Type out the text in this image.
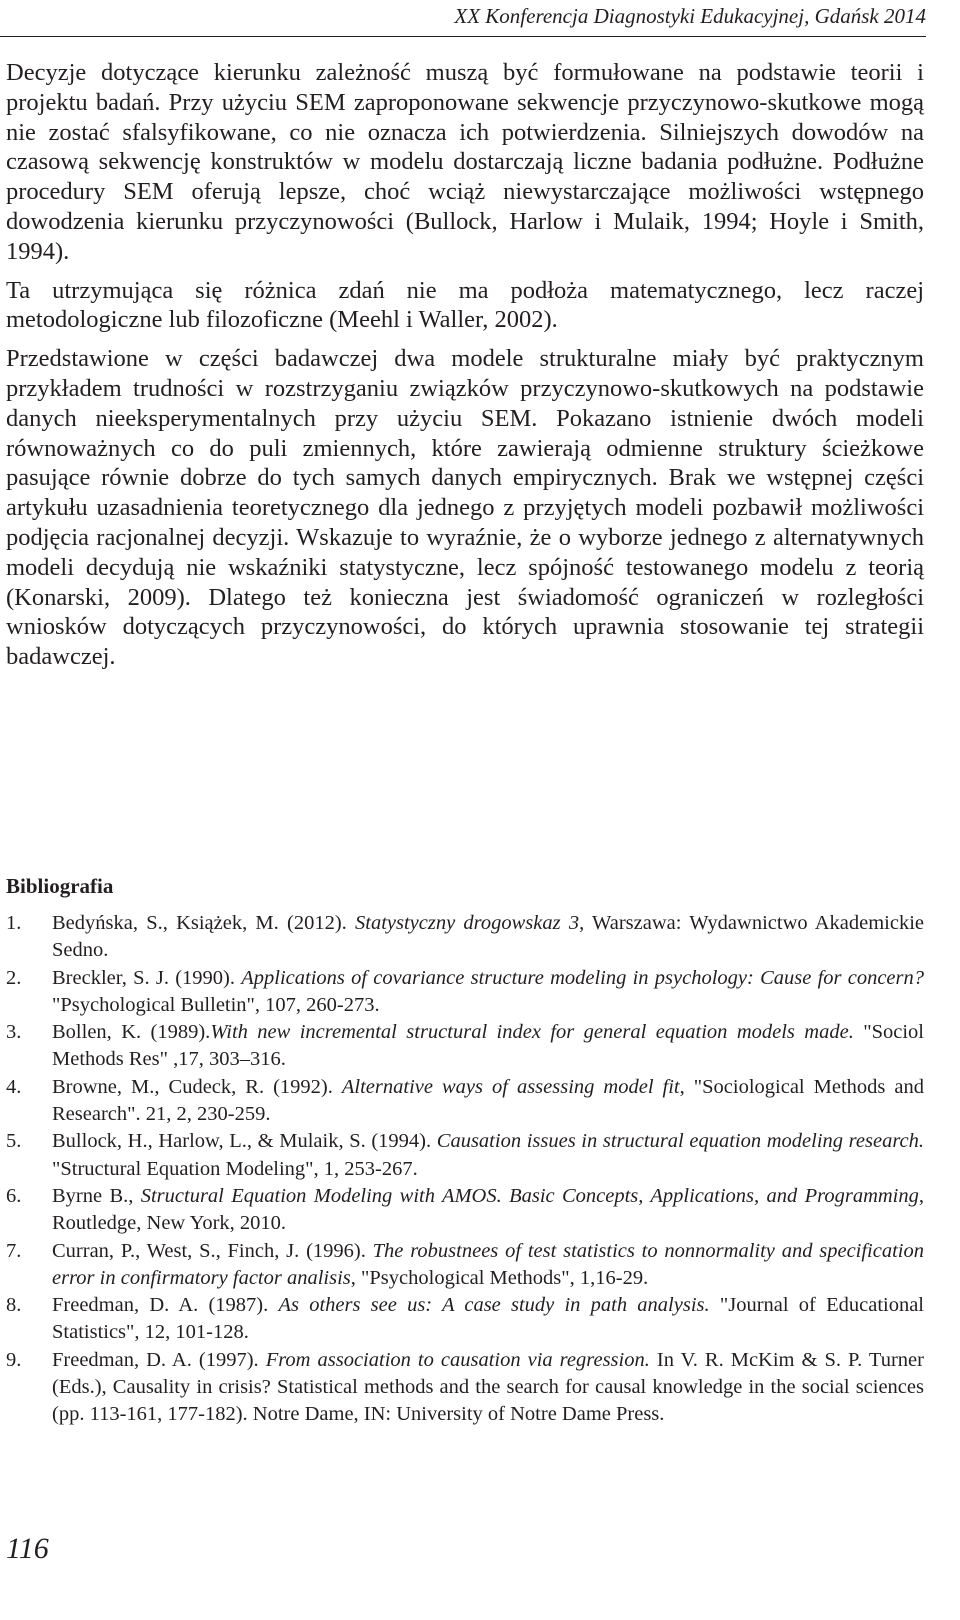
XX Konferencja Diagnostyki Edukacyjnej, Gdańsk 2014

Decyzje dotyczące kierunku zależność muszą być formułowane na podstawie teorii i projektu badań. Przy użyciu SEM zaproponowane sekwencje przyczynowo-skutkowe mogą nie zostać sfalsyfikowane, co nie oznacza ich potwierdzenia. Silniejszych dowodów na czasową sekwencję konstruktów w modelu dostarczają liczne badania podłużne. Podłużne procedury SEM oferują lepsze, choć wciąż niewystarczające możliwości wstępnego dowodzenia kierunku przyczynowości (Bullock, Harlow i Mulaik, 1994; Hoyle i Smith, 1994).

Ta utrzymująca się różnica zdań nie ma podłoża matematycznego, lecz raczej metodologiczne lub filozoficzne (Meehl i Waller, 2002).

Przedstawione w części badawczej dwa modele strukturalne miały być praktycznym przykładem trudności w rozstrzyganiu związków przyczynowo-skutkowych na podstawie danych nieeksperymentalnych przy użyciu SEM. Pokazano istnienie dwóch modeli równoważnych co do puli zmiennych, które zawierają odmienne struktury ścieżkowe pasujące równie dobrze do tych samych danych empirycznych. Brak we wstępnej części artykułu uzasadnienia teoretycznego dla jednego z przyjętych modeli pozbawił możliwości podjęcia racjonalnej decyzji. Wskazuje to wyraźnie, że o wyborze jednego z alternatywnych modeli decydują nie wskaźniki statystyczne, lecz spójność testowanego modelu z teorią (Konarski, 2009). Dlatego też konieczna jest świadomość ograniczeń w rozległości wniosków dotyczących przyczynowości, do których uprawnia stosowanie tej strategii badawczej.

Bibliografia
1. Bedyńska, S., Książek, M. (2012). Statystyczny drogowskaz 3, Warszawa: Wydawnictwo Akademickie Sedno.
2. Breckler, S. J. (1990). Applications of covariance structure modeling in psychology: Cause for concern? "Psychological Bulletin", 107, 260-273.
3. Bollen, K. (1989).With new incremental structural index for general equation models made. "Sociol Methods Res" ,17, 303–316.
4. Browne, M., Cudeck, R. (1992). Alternative ways of assessing model fit, "Sociological Methods and Research". 21, 2, 230-259.
5. Bullock, H., Harlow, L., & Mulaik, S. (1994). Causation issues in structural equation modeling research. "Structural Equation Modeling", 1, 253-267.
6. Byrne B., Structural Equation Modeling with AMOS. Basic Concepts, Applications, and Programming, Routledge, New York, 2010.
7. Curran, P., West, S., Finch, J. (1996). The robustnees of test statistics to nonnormality and specification error in confirmatory factor analisis, "Psychological Methods", 1,16-29.
8. Freedman, D. A. (1987). As others see us: A case study in path analysis. "Journal of Educational Statistics", 12, 101-128.
9. Freedman, D. A. (1997). From association to causation via regression. In V. R. McKim & S. P. Turner (Eds.), Causality in crisis? Statistical methods and the search for causal knowledge in the social sciences (pp. 113-161, 177-182). Notre Dame, IN: University of Notre Dame Press.
116
